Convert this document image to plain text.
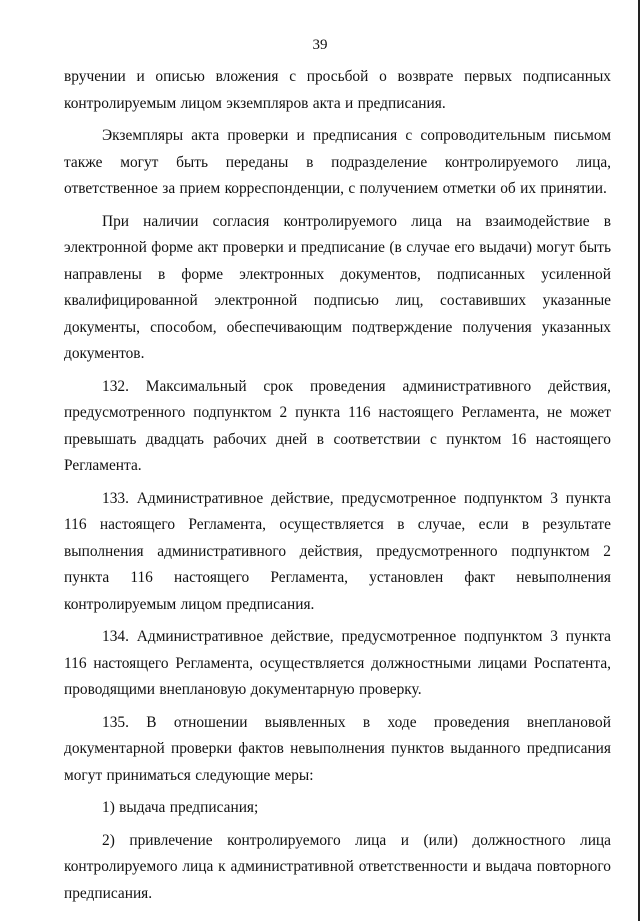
39

вручении и описью вложения с просьбой о возврате первых подписанных контролируемым лицом экземпляров акта и предписания.

Экземпляры акта проверки и предписания с сопроводительным письмом также могут быть переданы в подразделение контролируемого лица, ответственное за прием корреспонденции, с получением отметки об их принятии.

При наличии согласия контролируемого лица на взаимодействие в электронной форме акт проверки и предписание (в случае его выдачи) могут быть направлены в форме электронных документов, подписанных усиленной квалифицированной электронной подписью лиц, составивших указанные документы, способом, обеспечивающим подтверждение получения указанных документов.

132. Максимальный срок проведения административного действия, предусмотренного подпунктом 2 пункта 116 настоящего Регламента, не может превышать двадцать рабочих дней в соответствии с пунктом 16 настоящего Регламента.

133. Административное действие, предусмотренное подпунктом 3 пункта 116 настоящего Регламента, осуществляется в случае, если в результате выполнения административного действия, предусмотренного подпунктом 2 пункта 116 настоящего Регламента, установлен факт невыполнения контролируемым лицом предписания.

134. Административное действие, предусмотренное подпунктом 3 пункта 116 настоящего Регламента, осуществляется должностными лицами Роспатента, проводящими внеплановую документарную проверку.

135. В отношении выявленных в ходе проведения внеплановой документарной проверки фактов невыполнения пунктов выданного предписания могут приниматься следующие меры:

1) выдача предписания;

2) привлечение контролируемого лица и (или) должностного лица контролируемого лица к административной ответственности и выдача повторного предписания.
